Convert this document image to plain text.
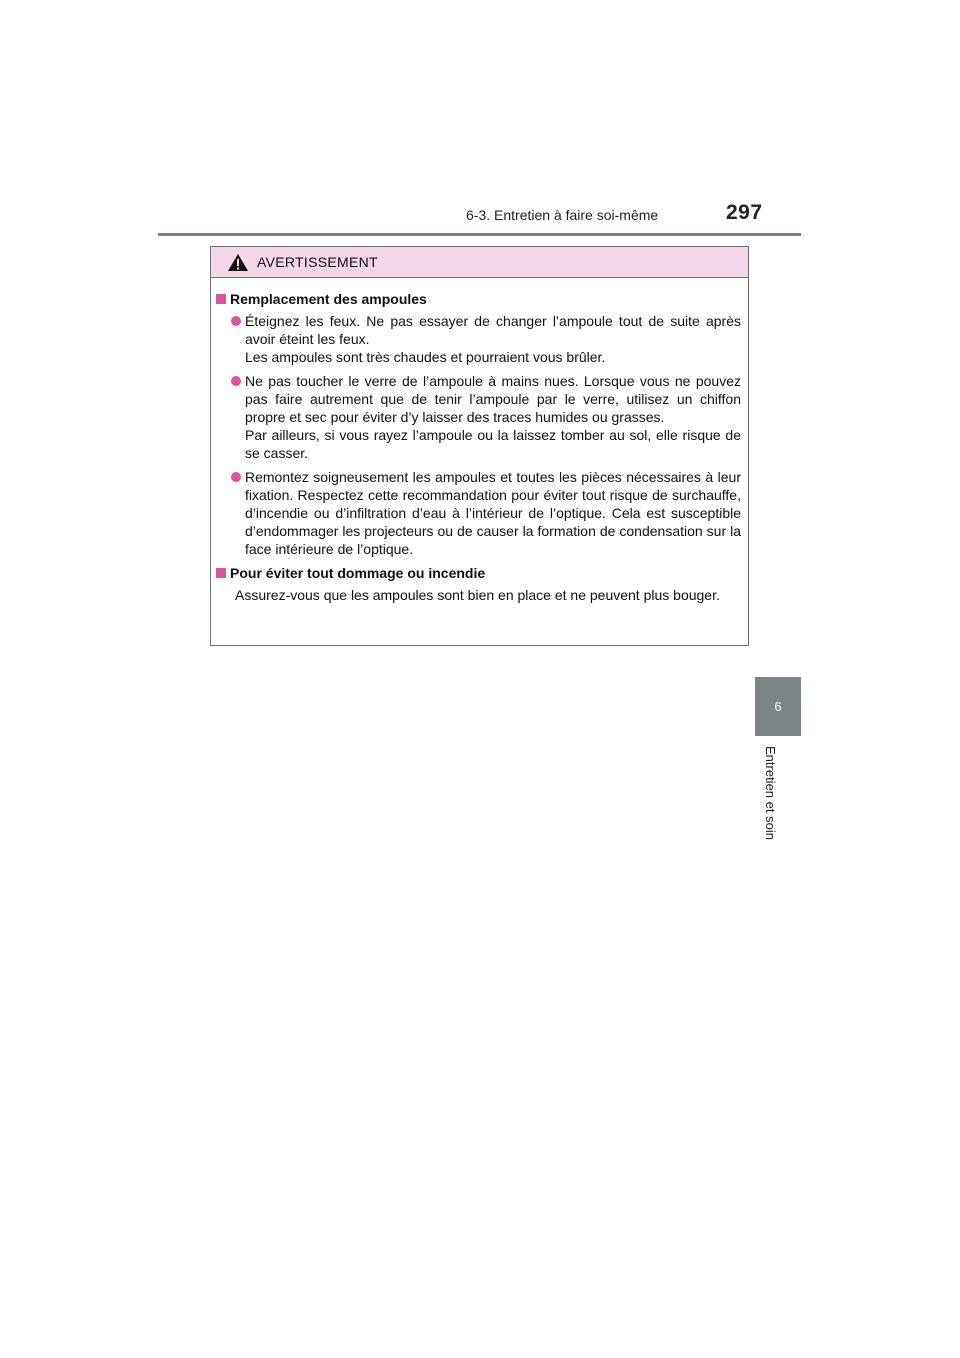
6-3. Entretien à faire soi-même	297
6
Entretien et soin
AVERTISSEMENT
Remplacement des ampoules
Éteignez les feux. Ne pas essayer de changer l’ampoule tout de suite après avoir éteint les feux.
Les ampoules sont très chaudes et pourraient vous brûler.
Ne pas toucher le verre de l’ampoule à mains nues. Lorsque vous ne pouvez pas faire autrement que de tenir l’ampoule par le verre, utilisez un chiffon propre et sec pour éviter d’y laisser des traces humides ou grasses.
Par ailleurs, si vous rayez l’ampoule ou la laissez tomber au sol, elle risque de se casser.
Remontez soigneusement les ampoules et toutes les pièces nécessaires à leur fixation. Respectez cette recommandation pour éviter tout risque de surchauffe, d’incendie ou d’infiltration d’eau à l’intérieur de l’optique. Cela est susceptible d’endommager les projecteurs ou de causer la formation de condensation sur la face intérieure de l’optique.
Pour éviter tout dommage ou incendie
Assurez-vous que les ampoules sont bien en place et ne peuvent plus bouger.
